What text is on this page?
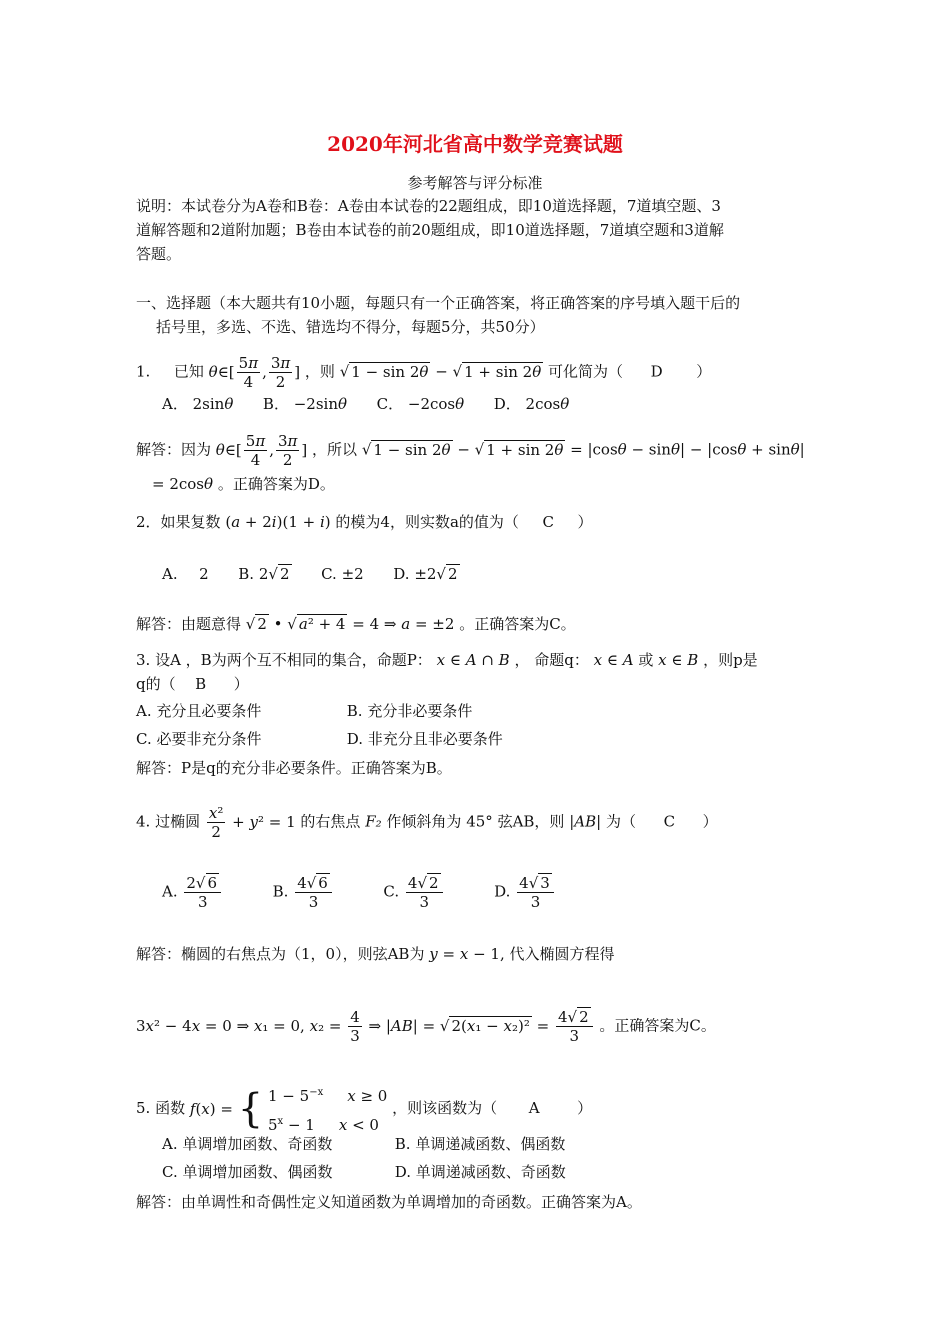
2020年河北省高中数学竞赛试题
参考解答与评分标准
说明：本试卷分为A卷和B卷：A卷由本试卷的22题组成，即10道选择题，7道填空题、3
道解答题和2道附加题；B卷由本试卷的前20题组成，即10道选择题，7道填空题和3道解
答题。
一、选择题（本大题共有10小题，每题只有一个正确答案，将正确答案的序号填入题干后的
括号里，多选、不选、错选均不得分，每题5分，共50分）
1. 已知 θ∈[ $\frac{5\pi}{4}$ , $\frac{3\pi}{2}$ ] ，则 √ 1 − sin 2θ − √ 1 + sin 2θ 可化简为（ D ）
A． 2sinθ B． −2sinθ C． −2cosθ D． 2cosθ
解答：因为 θ∈[ $\frac{5\pi}{4}$ , $\frac{3\pi}{2}$ ] ，所以 √ 1 − sin 2θ − √ 1 + sin 2θ = |cosθ − sinθ| − |cosθ + sinθ|
= 2cosθ 。正确答案为D。
2．如果复数 (a + 2i)(1 + i) 的模为4，则实数a的值为（ C ）
A. 2 B. 2√ 2 C. ±2 D. ±2√ 2
解答：由题意得 √ 2 • √ a² + 4 = 4 ⇒ a = ±2 。正确答案为C。
3. 设A ，B为两个互不相同的集合，命题P： x ∈ A ∩ B ， 命题q： x ∈ A 或 x ∈ B ，则p是
q的（ B ）
A. 充分且必要条件	B. 充分非必要条件
C. 必要非充分条件	D. 非充分且非必要条件
解答：P是q的充分非必要条件。正确答案为B。
4. 过椭圆 $\frac{\text{x²}}{2} + y^2 = 1$ 的右焦点 F₂ 作倾斜角为 45° 弦AB，则 |AB| 为（ C ）
A. $\frac{2√ 6}{3}$	B. $\frac{4√ 6}{3}$	C. $\frac{4√ 2}{3}$	D. $\frac{4√ 3}{3}$
解答：椭圆的右焦点为（1，0），则弦AB为 y = x − 1, 代入椭圆方程得
3x² − 4x = 0 ⇒ x₁ = 0, $x_2 = \frac{4}{3}$ ⇒ |AB| = √ $2(x_1 - x_2)^2 = \frac{4√ 2}{3}$ 。正确答案为C。
5. 函数 f(x) = { $1 - 5^{-x}$ x ≥ 0
$5^x - 1$ x < 0
，则该函数为（ A	）
A. 单调增加函数、奇函数	B. 单调递减函数、偶函数
C. 单调增加函数、偶函数	D. 单调递减函数、奇函数
解答：由单调性和奇偶性定义知道函数为单调增加的奇函数。正确答案为A。
